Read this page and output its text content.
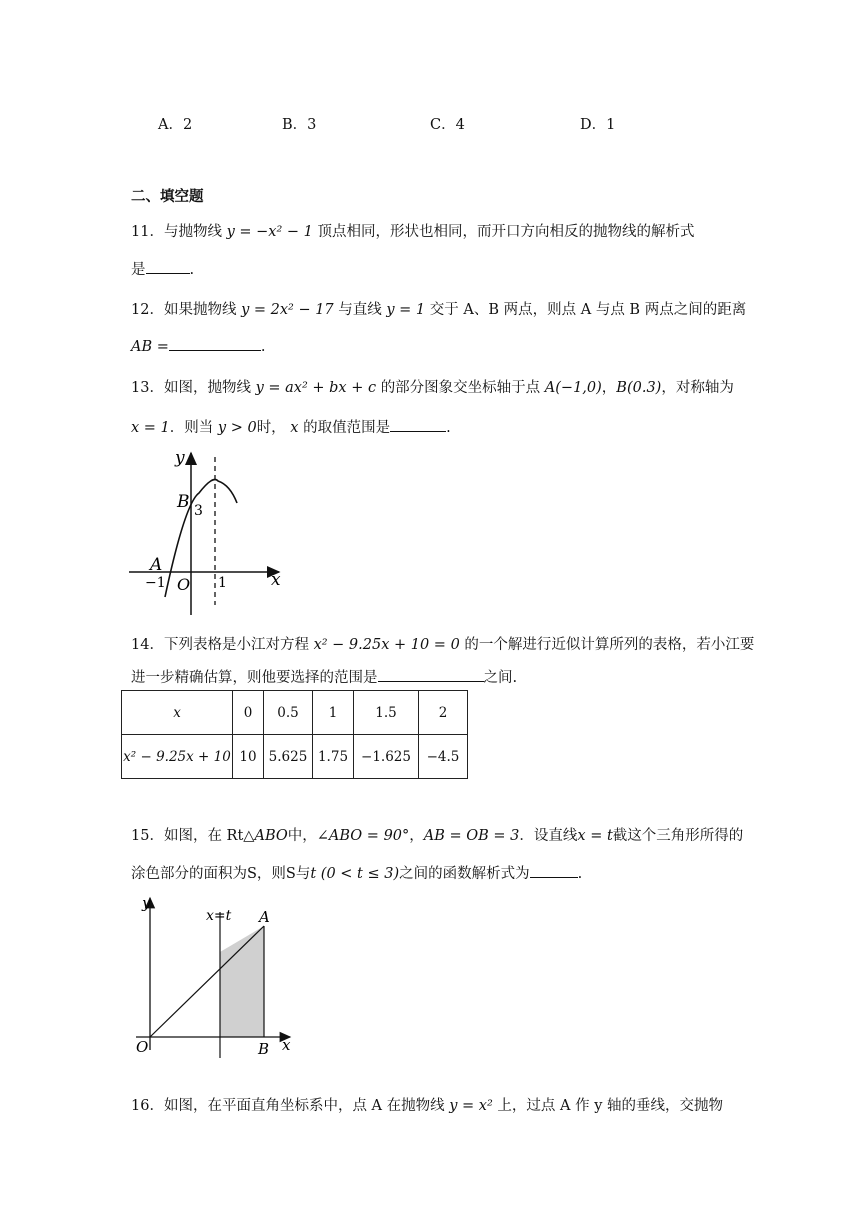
A．2	B．3	C．4	D．1
二、填空题
11．与抛物线 y = −x² − 1 顶点相同，形状也相同，而开口方向相反的抛物线的解析式
是	.
12．如果抛物线 y = 2x² − 17 与直线 y = 1 交于 A、B 两点，则点 A 与点 B 两点之间的距离
AB =	.
13．如图，抛物线 y = ax² + bx + c 的部分图象交坐标轴于点 A(−1,0)，B(0.3)，对称轴为
x = 1．则当 y > 0时， x 的取值范围是	.
y
x
B 3
A
−1 O 1
14．下列表格是小江对方程 x² − 9.25x + 10 = 0 的一个解进行近似计算所列的表格，若小江要
进一步精确估算，则他要选择的范围是	之间.
x	0	0.5	1	1.5	2
x² − 9.25x + 10	10	5.625	1.75	−1.625	−4.5
15．如图，在 Rt△ABO中，∠ABO = 90°，AB = OB = 3．设直线x = t截这个三角形所得的
涂色部分的面积为S，则S与t (0 < t ≤ 3)之间的函数解析式为	.
y
x=t A
O	B x
16．如图，在平面直角坐标系中，点 A 在抛物线 y = x² 上，过点 A 作 y 轴的垂线，交抛物
